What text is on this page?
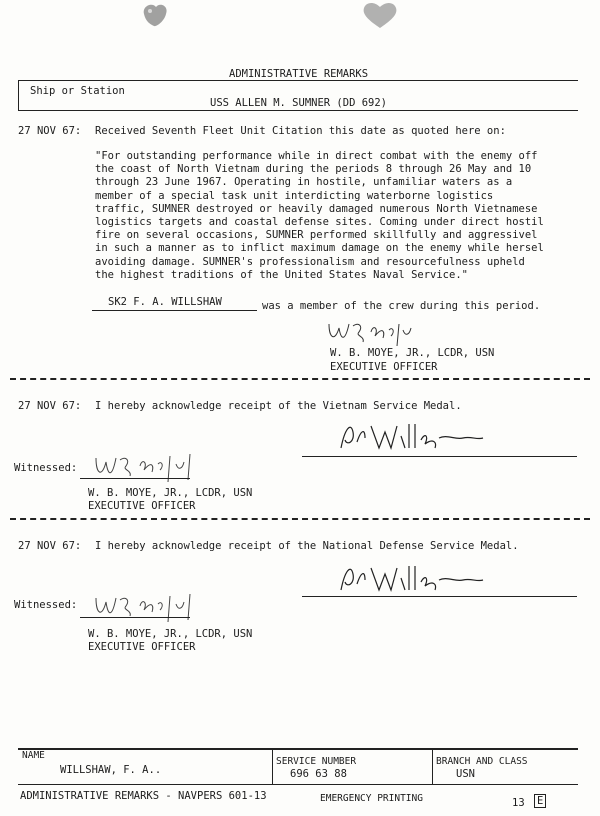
ADMINISTRATIVE REMARKS
Ship or Station
USS ALLEN M. SUMNER (DD 692)
27 NOV 67: Received Seventh Fleet Unit Citation this date as quoted here on:
"For outstanding performance while in direct combat with the enemy off
the coast of North Vietnam during the periods 8 through 26 May and 10
through 23 June 1967. Operating in hostile, unfamiliar waters as a
member of a special task unit interdicting waterborne logistics
traffic, SUMNER destroyed or heavily damaged numerous North Vietnamese
logistics targets and coastal defense sites. Coming under direct hostil
fire on several occasions, SUMNER performed skillfully and aggressivel
in such a manner as to inflict maximum damage on the enemy while hersel
avoiding damage. SUMNER's professionalism and resourcefulness upheld
the highest traditions of the United States Naval Service."
SK2 F. A. WILLSHAW	was a member of the crew during this period.
W. B. MOYE, JR., LCDR, USN
EXECUTIVE OFFICER
27 NOV 67: I hereby acknowledge receipt of the Vietnam Service Medal.
Witnessed:
W. B. MOYE, JR., LCDR, USN
EXECUTIVE OFFICER
27 NOV 67: I hereby acknowledge receipt of the National Defense Service Medal.
Witnessed:
W. B. MOYE, JR., LCDR, USN
EXECUTIVE OFFICER
NAME
WILLSHAW, F. A..
SERVICE NUMBER
696 63 88
BRANCH AND CLASS
USN
ADMINISTRATIVE REMARKS - NAVPERS 601-13	EMERGENCY PRINTING	13 E
